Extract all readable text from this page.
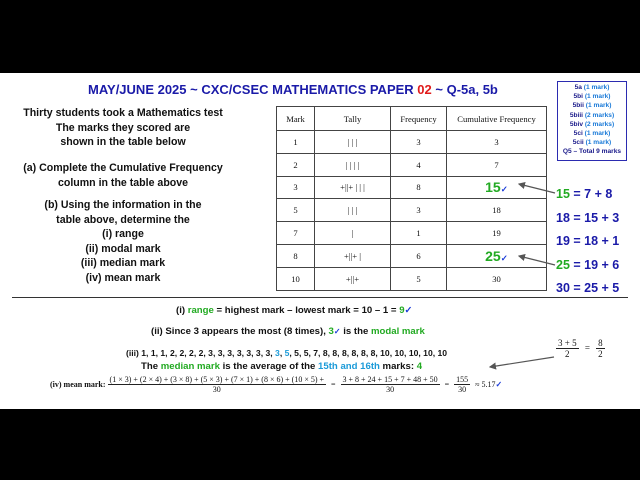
MAY/JUNE 2025 ~ CXC/CSEC MATHEMATICS PAPER 02 ~ Q-5a, 5b	5a (1 mark)
5bi (1 mark)
5bii (1 mark)
5biii (2 marks)
5biv (2 marks)
5ci (1 mark)
5cii (1 mark)
Q5 – Total 9 marks
Thirty students took a Mathematics test
The marks they scored are
shown in the table below
(a) Complete the Cumulative Frequency
column in the table above
(b) Using the information in the
table above, determine the
(i) range
(ii) modal mark
(iii) median mark
(iv) mean mark
Mark	Tally	Frequency	Cumulative Frequency
1	| | |	3	3
2	| | | |	4	7
3	+||+ | | |	8	15✓
5	| | |	3	18
7	|	1	19
8	+||+ |	6	25✓
10	+||+	5	30
15 = 7 + 8
18 = 15 + 3
19 = 18 + 1
25 = 19 + 6
30 = 25 + 5
(i) range = highest mark – lowest mark = 10 – 1 = 9✓
(ii) Since 3 appears the most (8 times), 3✓ is the modal mark
(iii) 1, 1, 1, 2, 2, 2, 2, 3, 3, 3, 3, 3, 3, 3, 3, 5, 5, 5, 7, 8, 8, 8, 8, 8, 8, 10, 10, 10, 10, 10
The median mark is the average of the 15th and 16th marks: 4
$\frac{3 + 5}{2} = \frac{8}{2}$
(iv) mean mark:
(1 × 3) + (2 × 4) + (3 × 8) + (5 × 3) + (7 × 1) + (8 × 6) + (10 × 5) +
30
= $\frac{3 + 8 + 24 + 15 + 7 + 48 + 50}{30} = \frac{155}{30}$ ≈ 5.17✓
